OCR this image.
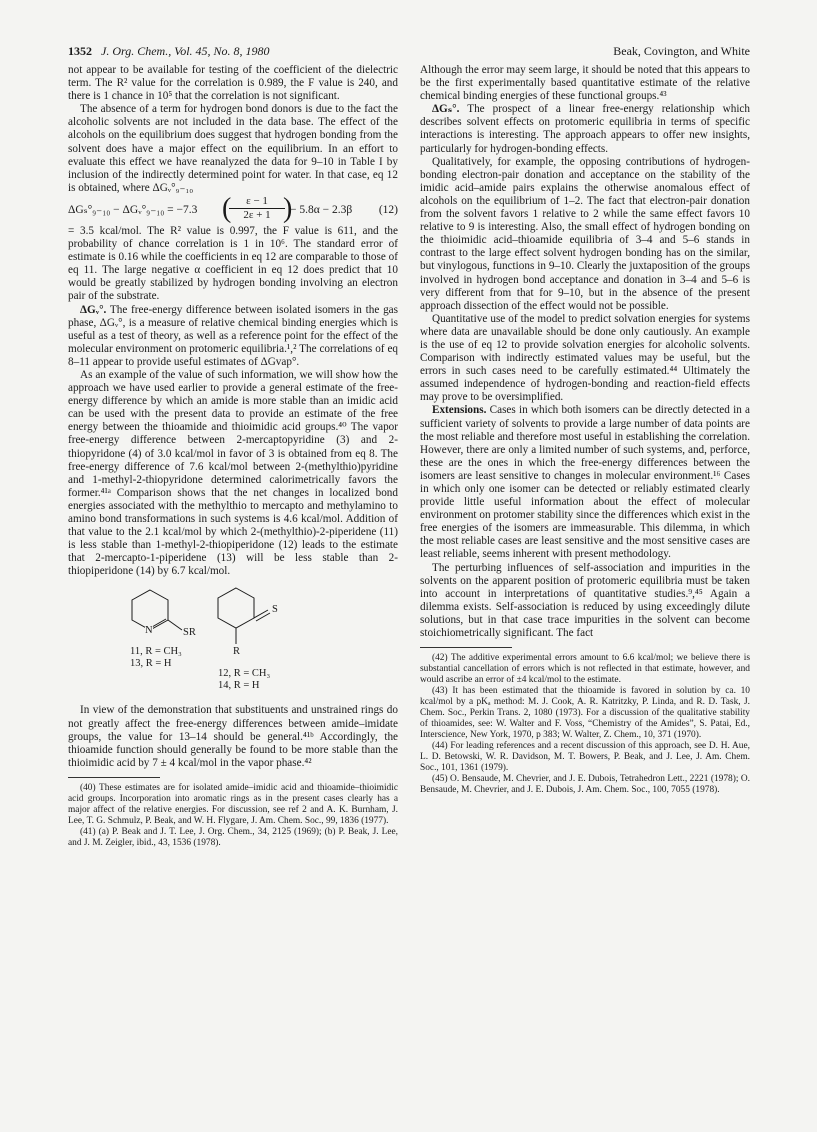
1352 J. Org. Chem., Vol. 45, No. 8, 1980	Beak, Covington, and White

not appear to be available for testing of the coefficient of the dielectric term. The R² value for the correlation is 0.989, the F value is 240, and there is 1 chance in 10⁵ that the correlation is not significant.

The absence of a term for hydrogen bond donors is due to the fact the alcoholic solvents are not included in the data base. The effect of the alcohols on the equilibrium does suggest that hydrogen bonding from the solvent does have a major effect on the equilibrium. In an effort to evaluate this effect we have reanalyzed the data for 9–10 in Table I by inclusion of the indirectly determined point for water. In that case, eq 12 is obtained, where ΔGᵥ°₉₋₁₀

ΔGₛ°₉₋₁₀ − ΔGᵥ°₉₋₁₀ = −7.3 (
$\frac{\varepsilon - 1}{2\varepsilon + 1}$
)
− 5.8α − 2.3β (12)

= 3.5 kcal/mol. The R² value is 0.997, the F value is 611, and the probability of chance correlation is 1 in 10⁶. The standard error of estimate is 0.16 while the coefficients in eq 12 are comparable to those of eq 11. The large negative α coefficient in eq 12 does predict that 10 would be greatly stabilized by hydrogen bonding involving an electron pair of the substrate.

ΔGᵥ°. The free-energy difference between isolated isomers in the gas phase, ΔGᵥ°, is a measure of relative chemical binding energies which is useful as a test of theory, as well as a reference point for the effect of the molecular environment on protomeric equilibria.¹,² The correlations of eq 8–11 appear to provide useful estimates of ΔGvap°.

As an example of the value of such information, we will show how the approach we have used earlier to provide a general estimate of the free-energy difference by which an amide is more stable than an imidic acid can be used with the present data to provide an estimate of the free energy between the thioamide and thioimidic acid groups.⁴⁰ The vapor free-energy difference between 2-mercaptopyridine (3) and 2-thiopyridone (4) of 3.0 kcal/mol in favor of 3 is obtained from eq 8. The free-energy difference of 7.6 kcal/mol between 2-(methylthio)pyridine and 1-methyl-2-thiopyridone determined calorimetrically favors the former.⁴¹ᵃ Comparison shows that the net changes in localized bond energies associated with the methylthio to mercapto and methylamino to amino bond transformations in such systems is 4.6 kcal/mol. Addition of that value to the 2.1 kcal/mol by which 2-(methylthio)-2-piperidene (11) is less stable than 1-methyl-2-thiopiperidone (12) leads to the estimate that 2-mercapto-1-piperidene (13) will be less stable than 2-thiopiperidone (14) by 6.7 kcal/mol.

N	SR
S
R
11, R = CH₃
13, R = H
12, R = CH₃
14, R = H

In view of the demonstration that substituents and unstrained rings do not greatly affect the free-energy differences between amide–imidate groups, the value for 13–14 should be general.⁴¹ᵇ Accordingly, the thioamide function should generally be found to be more stable than the thioimidic acid by 7 ± 4 kcal/mol in the vapor phase.⁴²

(40) These estimates are for isolated amide–imidic acid and thioamide–thioimidic acid groups. Incorporation into aromatic rings as in the present cases clearly has a major affect of the relative energies. For discussion, see ref 2 and A. K. Burnham, J. Lee, T. G. Schmulz, P. Beak, and W. H. Flygare, J. Am. Chem. Soc., 99, 1836 (1977).

(41) (a) P. Beak and J. T. Lee, J. Org. Chem., 34, 2125 (1969); (b) P. Beak, J. Lee, and J. M. Zeigler, ibid., 43, 1536 (1978).

Although the error may seem large, it should be noted that this appears to be the first experimentally based quantitative estimate of the relative chemical binding energies of these functional groups.⁴³

ΔGₛ°. The prospect of a linear free-energy relationship which describes solvent effects on protomeric equilibria in terms of specific interactions is interesting. The approach appears to offer new insights, particularly for hydrogen-bonding effects.

Qualitatively, for example, the opposing contributions of hydrogen-bonding electron-pair donation and acceptance on the stability of the imidic acid–amide pairs explains the otherwise anomalous effect of alcohols on the equilibrium of 1–2. The fact that electron-pair donation from the solvent favors 1 relative to 2 while the same effect favors 10 relative to 9 is interesting. Also, the small effect of hydrogen bonding on the thioimidic acid–thioamide equilibria of 3–4 and 5–6 stands in contrast to the large effect solvent hydrogen bonding has on the similar, but vinylogous, functions in 9–10. Clearly the juxtaposition of the groups involved in hydrogen bond acceptance and donation in 3–4 and 5–6 is very different from that for 9–10, but in the absence of the present approach dissection of the effect would not be possible.

Quantitative use of the model to predict solvation energies for systems where data are unavailable should be done only cautiously. An example is the use of eq 12 to provide solvation energies for alcoholic solvents. Comparison with indirectly estimated values may be useful, but the errors in such cases need to be carefully estimated.⁴⁴ Ultimately the assumed independence of hydrogen-bonding and reaction-field effects may prove to be oversimplified.

Extensions. Cases in which both isomers can be directly detected in a sufficient variety of solvents to provide a large number of data points are the most reliable and therefore most useful in establishing the correlation. However, there are only a limited number of such systems, and, perforce, these are the ones in which the free-energy differences between the isomers are least sensitive to changes in molecular environment.¹⁶ Cases in which only one isomer can be detected or reliably estimated clearly provide little useful information about the effect of molecular environment on protomer stability since the differences which exist in the free energies of the isomers are immeasurable. This dilemma, in which the most reliable cases are least sensitive and the most sensitive cases are least reliable, seems inherent with present methodology.

The perturbing influences of self-association and impurities in the solvents on the apparent position of protomeric equilibria must be taken into account in interpretations of quantitative studies.⁹,⁴⁵ Again a dilemma exists. Self-association is reduced by using exceedingly dilute solutions, but in that case trace impurities in the solvent can become stoichiometrically significant. The fact

(42) The additive experimental errors amount to 6.6 kcal/mol; we believe there is substantial cancellation of errors which is not reflected in that estimate, however, and would ascribe an error of ±4 kcal/mol to the estimate.

(43) It has been estimated that the thioamide is favored in solution by ca. 10 kcal/mol by a pKₐ method: M. J. Cook, A. R. Katritzky, P. Linda, and R. D. Task, J. Chem. Soc., Perkin Trans. 2, 1080 (1973). For a discussion of the qualitative stability of thioamides, see: W. Walter and F. Voss, “Chemistry of the Amides”, S. Patai, Ed., Interscience, New York, 1970, p 383; W. Walter, Z. Chem., 10, 371 (1970).

(44) For leading references and a recent discussion of this approach, see D. H. Aue, L. D. Betowski, W. R. Davidson, M. T. Bowers, P. Beak, and J. Lee, J. Am. Chem. Soc., 101, 1361 (1979).

(45) O. Bensaude, M. Chevrier, and J. E. Dubois, Tetrahedron Lett., 2221 (1978); O. Bensaude, M. Chevrier, and J. E. Dubois, J. Am. Chem. Soc., 100, 7055 (1978).
